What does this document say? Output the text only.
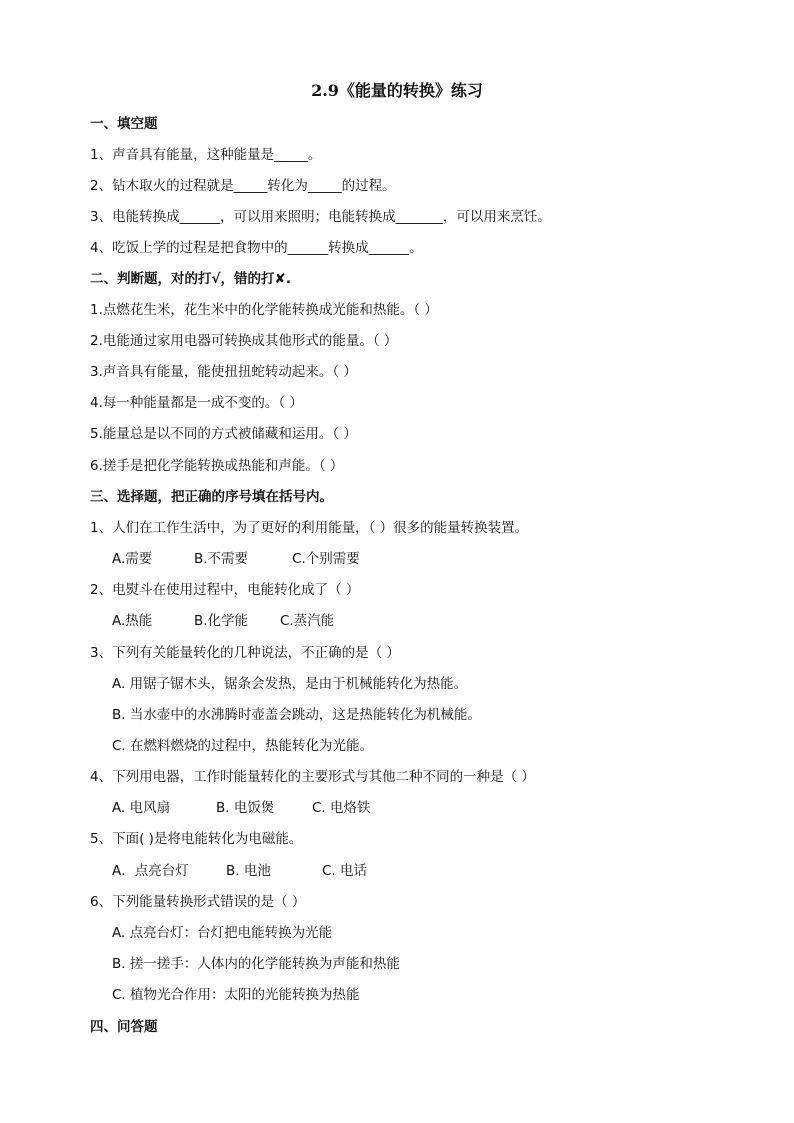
2.9《能量的转换》练习
一、填空题
1、声音具有能量，这种能量是_____。
2、钻木取火的过程就是_____转化为_____的过程。
3、电能转换成______，可以用来照明；电能转换成_______，可以用来烹饪。
4、吃饭上学的过程是把食物中的______转换成______。
二、判断题，对的打√，错的打✘.
1.点燃花生米，花生米中的化学能转换成光能和热能。（ ）
2.电能通过家用电器可转换成其他形式的能量。（ ）
3.声音具有能量，能使扭扭蛇转动起来。（ ）
4.每一种能量都是一成不变的。（ ）
5.能量总是以不同的方式被储藏和运用。（ ）
6.搓手是把化学能转换成热能和声能。（ ）
三、选择题，把正确的序号填在括号内。
1、人们在工作生活中，为了更好的利用能量，（ ）很多的能量转换装置。
A.需要	B.不需要	C.个别需要
2、电熨斗在使用过程中，电能转化成了（ ）
A.热能	B.化学能 C.蒸汽能
3、下列有关能量转化的几种说法，不正确的是（ ）
A. 用锯子锯木头，锯条会发热，是由于机械能转化为热能。
B. 当水壶中的水沸腾时壶盖会跳动，这是热能转化为机械能。
C. 在燃料燃烧的过程中，热能转化为光能。
4、下列用电器，工作时能量转化的主要形式与其他二种不同的一种是（ ）
A. 电风扇	B. 电饭煲	C. 电烙铁
5、下面( )是将电能转化为电磁能。
A．点亮台灯	B. 电池	C. 电话
6、下列能量转换形式错误的是（ ）
A. 点亮台灯：台灯把电能转换为光能
B. 搓一搓手：人体内的化学能转换为声能和热能
C. 植物光合作用：太阳的光能转换为热能
四、问答题
